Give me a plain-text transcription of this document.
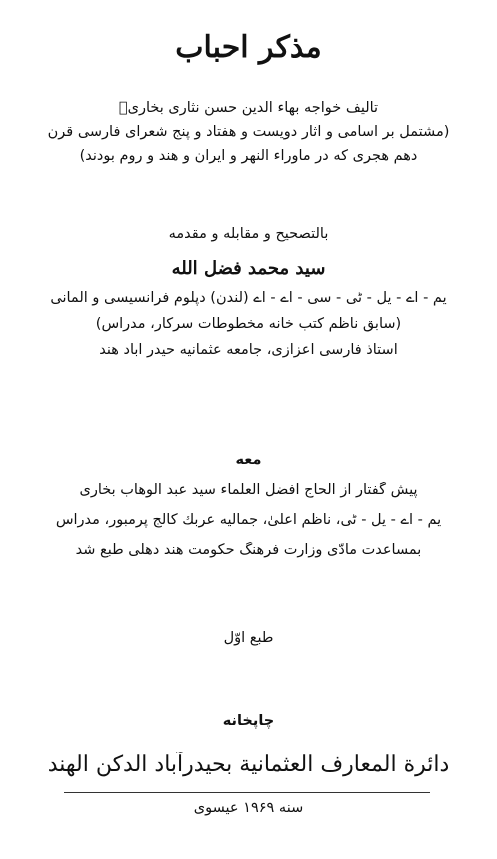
مذکر احباب
تالیف خواجه بهاء الدین حسن نثاری بخاریؒ
(مشتمل بر اسامی و آثار دویست و هفتاد و پنج شعرای فارسی قرن
دهم هجری که در ماوراء النهر و ایران و هند و روم بودند)
بالتصحیح و مقابله و مقدمه
سید محمد فضل الله
یم - اے - یل - ٹی - سی - اے - اے (لندن) دپلوم فرانسیسی و المانی
(سابق ناظم کتب خانه مخطوطات سرکار، مدراس)
استاذ فارسی اعزازی، جامعه عثمانیه حیدر آباد هند
معه
پیش گفتار از الحاج افضل العلماء سید عبد الوهاب بخاری
یم - اے - یل - ٹی، ناظم اعلیٰ، جمالیه عربك كالج پرمبور، مدراس
بمساعدت مادّی وزارت فرهنگ حکومت هند دهلی طبع شد
طبع اوّل
چاپخانه
دائرة المعارف العثمانية بحيدرآباد الدكن الهند
سنه ۱۹۶۹ عیسوی
